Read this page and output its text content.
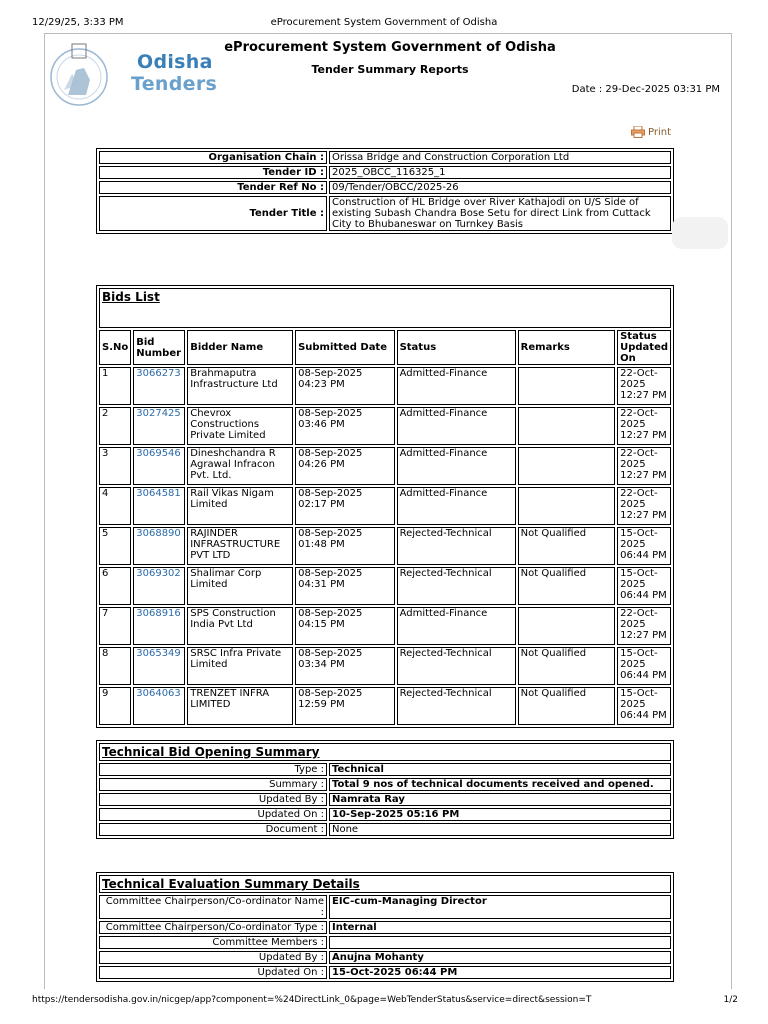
12/29/25, 3:33 PM	eProcurement System Government of Odisha
Odisha
Tenders
eProcurement System Government of Odisha
Tender Summary Reports
Date : 29-Dec-2025 03:31 PM
Print
Organisation Chain :	Orissa Bridge and Construction Corporation Ltd
Tender ID :	2025_OBCC_116325_1
Tender Ref No :	09/Tender/OBCC/2025-26
Tender Title :	Construction of HL Bridge over River Kathajodi on U/S Side of existing Subash Chandra Bose Setu for direct Link from Cuttack City to Bhubaneswar on Turnkey Basis
Bids List						
S.No	Bid Number	Bidder Name	Submitted Date	Status	Remarks	Status Updated On
1	3066273	Brahmaputra Infrastructure Ltd	08-Sep-2025 04:23 PM	Admitted-Finance		22-Oct-2025 12:27 PM
2	3027425	Chevrox Constructions Private Limited	08-Sep-2025 03:46 PM	Admitted-Finance		22-Oct-2025 12:27 PM
3	3069546	Dineshchandra R Agrawal Infracon Pvt. Ltd.	08-Sep-2025 04:26 PM	Admitted-Finance		22-Oct-2025 12:27 PM
4	3064581	Rail Vikas Nigam Limited	08-Sep-2025 02:17 PM	Admitted-Finance		22-Oct-2025 12:27 PM
5	3068890	RAJINDER INFRASTRUCTURE PVT LTD	08-Sep-2025 01:48 PM	Rejected-Technical	Not Qualified	15-Oct-2025 06:44 PM
6	3069302	Shalimar Corp Limited	08-Sep-2025 04:31 PM	Rejected-Technical	Not Qualified	15-Oct-2025 06:44 PM
7	3068916	SPS Construction India Pvt Ltd	08-Sep-2025 04:15 PM	Admitted-Finance		22-Oct-2025 12:27 PM
8	3065349	SRSC Infra Private Limited	08-Sep-2025 03:34 PM	Rejected-Technical	Not Qualified	15-Oct-2025 06:44 PM
9	3064063	TRENZET INFRA LIMITED	08-Sep-2025 12:59 PM	Rejected-Technical	Not Qualified	15-Oct-2025 06:44 PM
Technical Bid Opening Summary	
Type :	Technical
Summary :	Total 9 nos of technical documents received and opened.
Updated By :	Namrata Ray
Updated On :	10-Sep-2025 05:16 PM
Document :	None
Technical Evaluation Summary Details	
Committee Chairperson/Co-ordinator Name :	EIC-cum-Managing Director
Committee Chairperson/Co-ordinator Type :	Internal
Committee Members :	
Updated By :	Anujna Mohanty
Updated On :	15-Oct-2025 06:44 PM
https://tendersodisha.gov.in/nicgep/app?component=%24DirectLink_0&page=WebTenderStatus&service=direct&session=T	1/2
